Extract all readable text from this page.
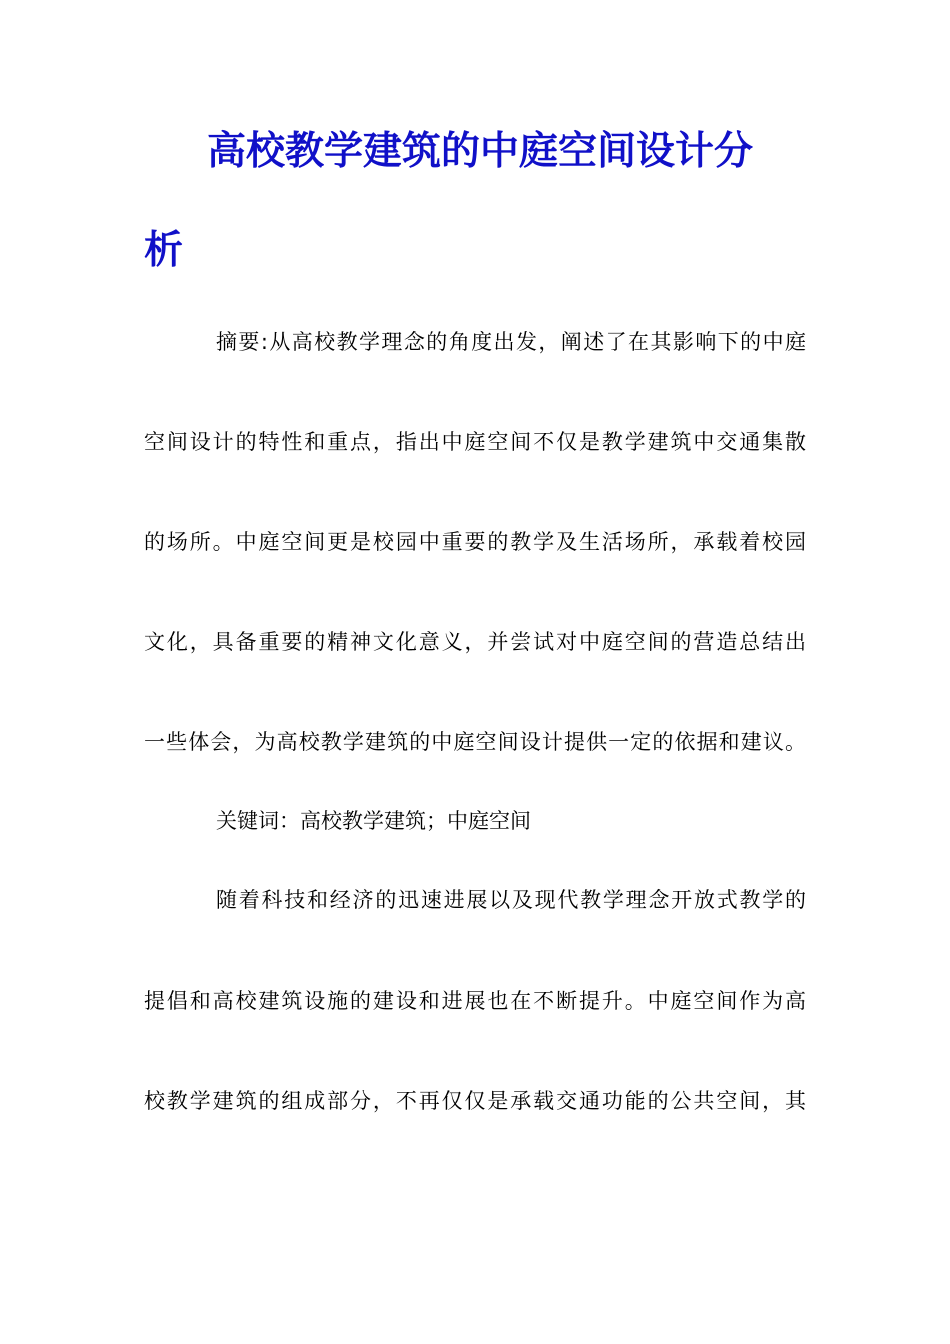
高校教学建筑的中庭空间设计分
析
摘要:从高校教学理念的角度出发，阐述了在其影响下的中庭
空间设计的特性和重点，指出中庭空间不仅是教学建筑中交通集散
的场所。中庭空间更是校园中重要的教学及生活场所，承载着校园
文化，具备重要的精神文化意义，并尝试对中庭空间的营造总结出
一些体会，为高校教学建筑的中庭空间设计提供一定的依据和建议。
关键词：高校教学建筑；中庭空间
随着科技和经济的迅速进展以及现代教学理念开放式教学的
提倡和高校建筑设施的建设和进展也在不断提升。中庭空间作为高
校教学建筑的组成部分，不再仅仅是承载交通功能的公共空间，其
